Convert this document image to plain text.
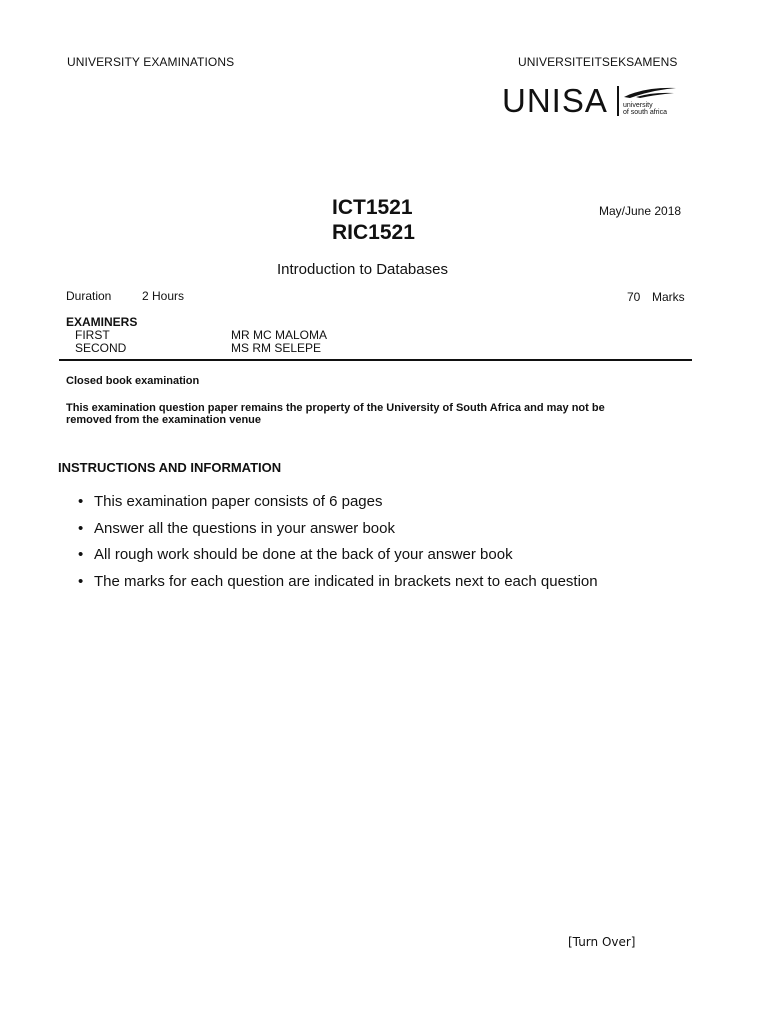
UNIVERSITY EXAMINATIONS	UNIVERSITEITSEKSAMENS
UNISA university
of south africa
ICT1521
RIC1521
May/June 2018
Introduction to Databases
Duration	2 Hours	70 Marks
EXAMINERS
FIRST	MR MC MALOMA
SECOND	MS RM SELEPE
Closed book examination
This examination question paper remains the property of the University of South Africa and may not be
removed from the examination venue
INSTRUCTIONS AND INFORMATION
• This examination paper consists of 6 pages
• Answer all the questions in your answer book
• All rough work should be done at the back of your answer book
• The marks for each question are indicated in brackets next to each question
[Turn Over]
